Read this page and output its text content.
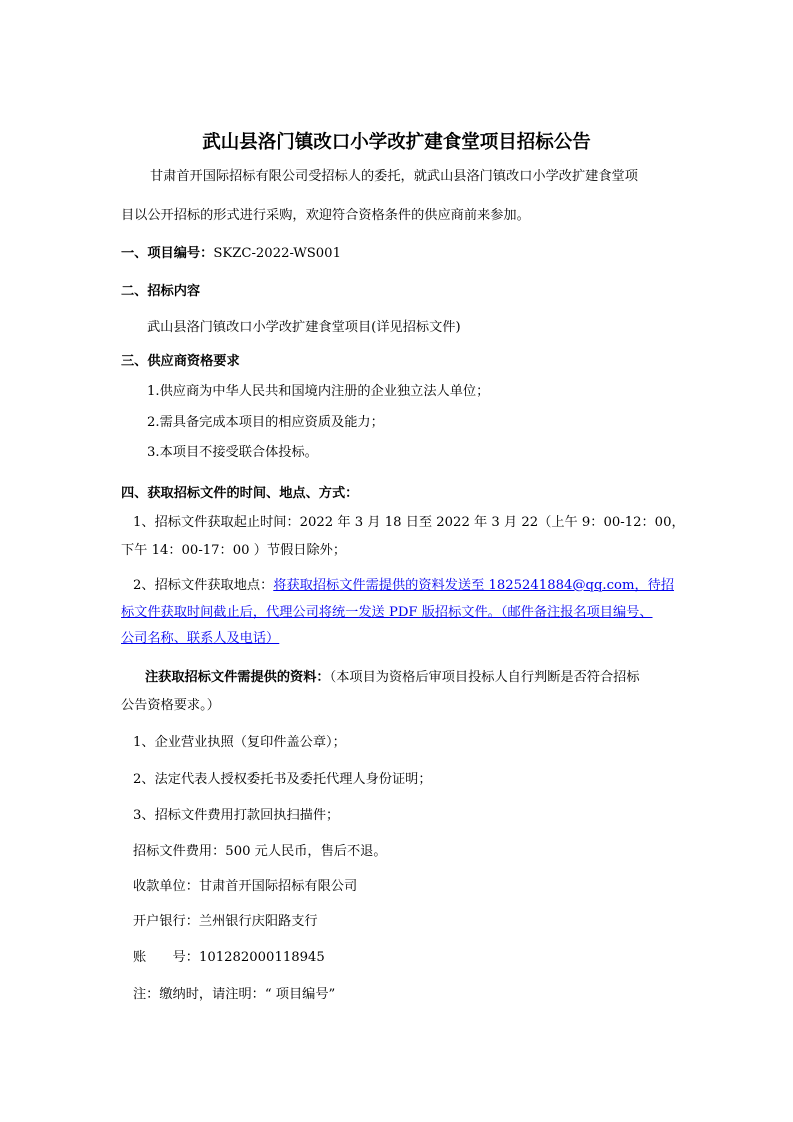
武山县洛门镇改口小学改扩建食堂项目招标公告
甘肃首开国际招标有限公司受招标人的委托，就武山县洛门镇改口小学改扩建食堂项
目以公开招标的形式进行采购，欢迎符合资格条件的供应商前来参加。
一、项目编号：SKZC-2022-WS001
二、招标内容
武山县洛门镇改口小学改扩建食堂项目(详见招标文件)
三、供应商资格要求
1.供应商为中华人民共和国境内注册的企业独立法人单位；
2.需具备完成本项目的相应资质及能力；
3.本项目不接受联合体投标。
四、获取招标文件的时间、地点、方式：
1、招标文件获取起止时间：2022 年 3 月 18 日至 2022 年 3 月 22（上午 9：00-12：00，
下午 14：00-17：00 ）节假日除外；
2、招标文件获取地点：将获取招标文件需提供的资料发送至 1825241884@qq.com，待招
标文件获取时间截止后，代理公司将统一发送 PDF 版招标文件。（邮件备注报名项目编号、
公司名称、联系人及电话）
注获取招标文件需提供的资料：（本项目为资格后审项目投标人自行判断是否符合招标
公告资格要求。）
1、企业营业执照（复印件盖公章）；
2、法定代表人授权委托书及委托代理人身份证明；
3、招标文件费用打款回执扫描件；
招标文件费用：500 元人民币，售后不退。
收款单位：甘肃首开国际招标有限公司
开户银行：兰州银行庆阳路支行
账　　号：101282000118945
注：缴纳时，请注明：“ 项目编号”
